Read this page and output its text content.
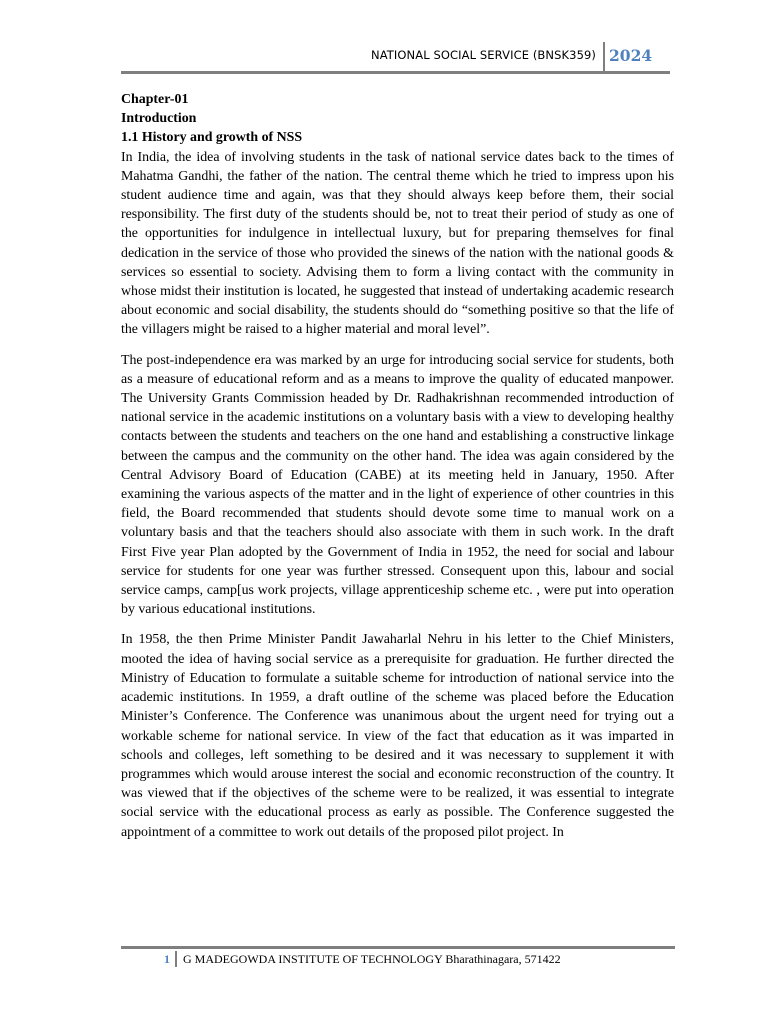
NATIONAL SOCIAL SERVICE (BNSK359) 2024

Chapter-01

Introduction

1.1 History and growth of NSS

In India, the idea of involving students in the task of national service dates back to the times of Mahatma Gandhi, the father of the nation. The central theme which he tried to impress upon his student audience time and again, was that they should always keep before them, their social responsibility. The first duty of the students should be, not to treat their period of study as one of the opportunities for indulgence in intellectual luxury, but for preparing themselves for final dedication in the service of those who provided the sinews of the nation with the national goods & services so essential to society. Advising them to form a living contact with the community in whose midst their institution is located, he suggested that instead of undertaking academic research about economic and social disability, the students should do “something positive so that the life of the villagers might be raised to a higher material and moral level”.

The post-independence era was marked by an urge for introducing social service for students, both as a measure of educational reform and as a means to improve the quality of educated manpower. The University Grants Commission headed by Dr. Radhakrishnan recommended introduction of national service in the academic institutions on a voluntary basis with a view to developing healthy contacts between the students and teachers on the one hand and establishing a constructive linkage between the campus and the community on the other hand. The idea was again considered by the Central Advisory Board of Education (CABE) at its meeting held in January, 1950. After examining the various aspects of the matter and in the light of experience of other countries in this field, the Board recommended that students should devote some time to manual work on a voluntary basis and that the teachers should also associate with them in such work. In the draft First Five year Plan adopted by the Government of India in 1952, the need for social and labour service for students for one year was further stressed. Consequent upon this, labour and social service camps, camp[us work projects, village apprenticeship scheme etc. , were put into operation by various educational institutions.

In 1958, the then Prime Minister Pandit Jawaharlal Nehru in his letter to the Chief Ministers, mooted the idea of having social service as a prerequisite for graduation. He further directed the Ministry of Education to formulate a suitable scheme for introduction of national service into the academic institutions. In 1959, a draft outline of the scheme was placed before the Education Minister’s Conference. The Conference was unanimous about the urgent need for trying out a workable scheme for national service. In view of the fact that education as it was imparted in schools and colleges, left something to be desired and it was necessary to supplement it with programmes which would arouse interest the social and economic reconstruction of the country. It was viewed that if the objectives of the scheme were to be realized, it was essential to integrate social service with the educational process as early as possible. The Conference suggested the appointment of a committee to work out details of the proposed pilot project. In

1 G MADEGOWDA INSTITUTE OF TECHNOLOGY Bharathinagara, 571422
